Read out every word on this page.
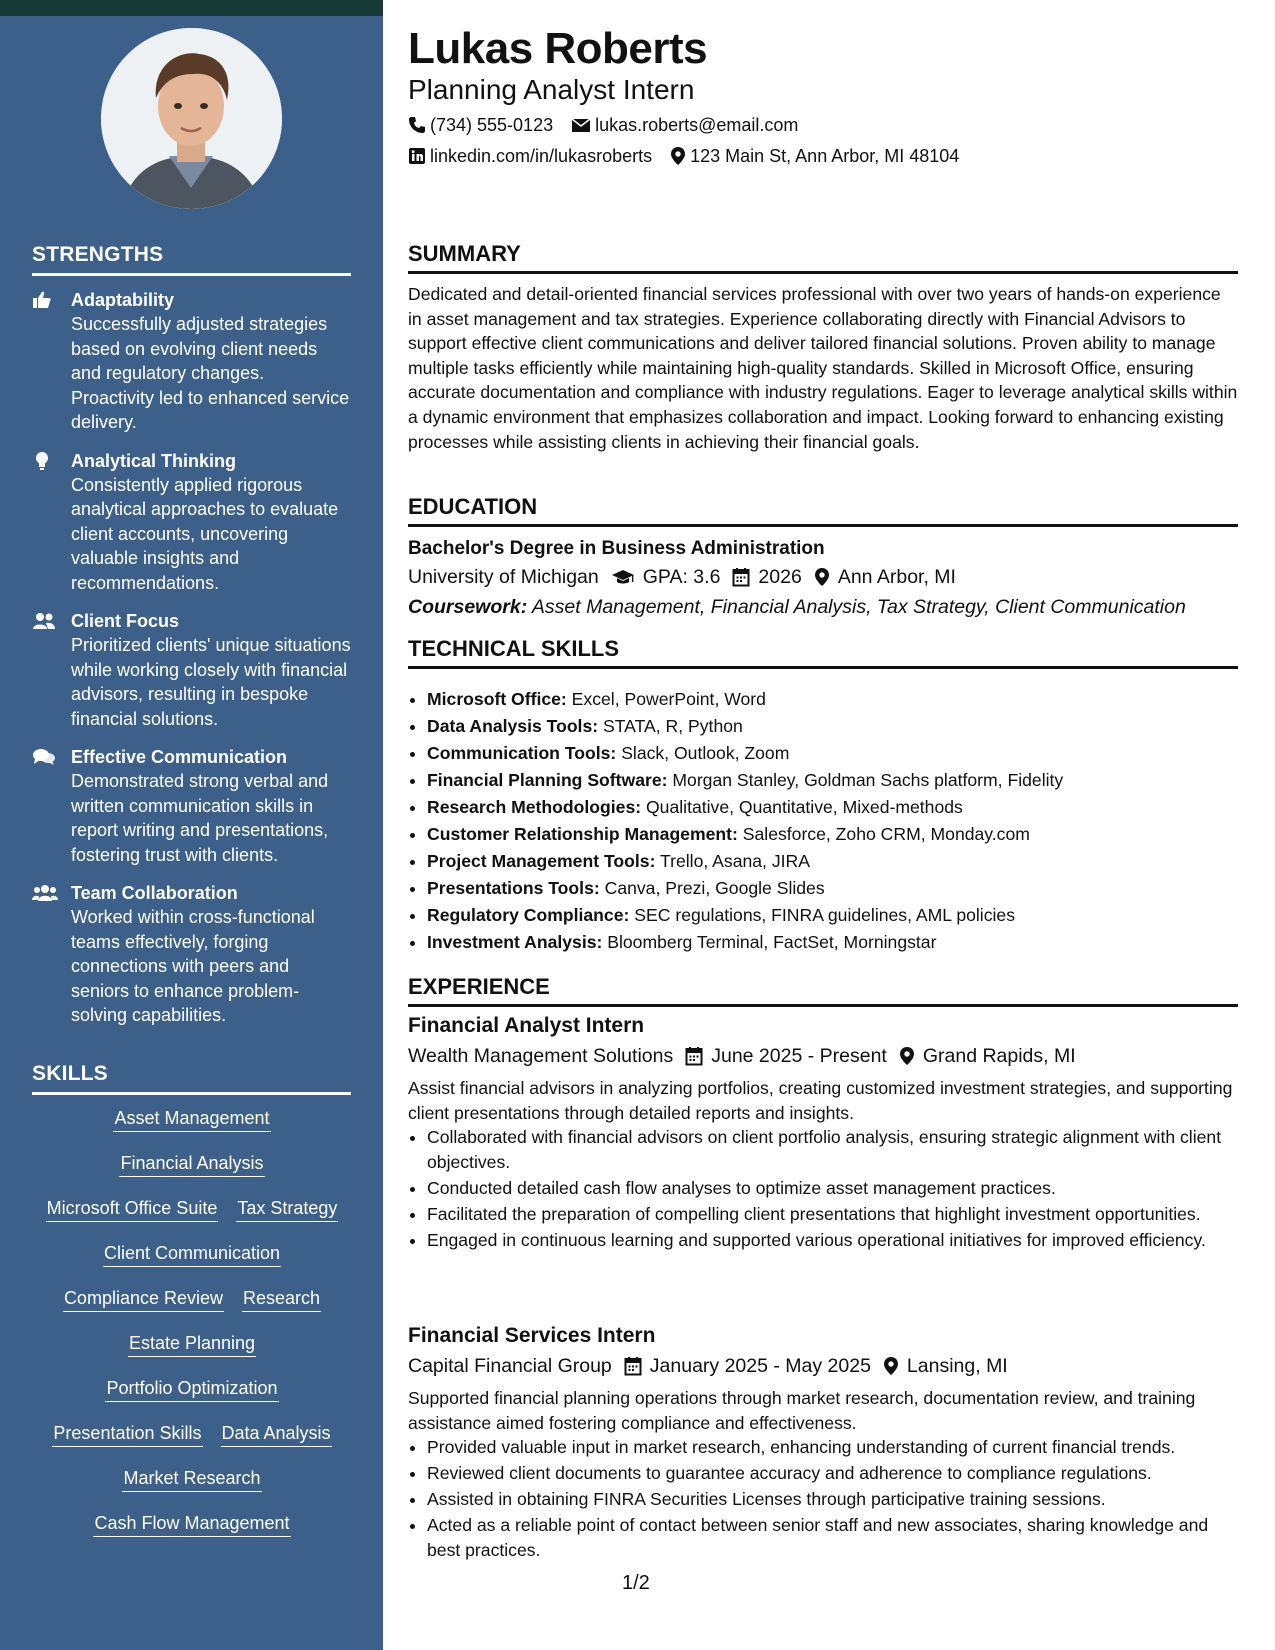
STRENGTHS
Adaptability
Successfully adjusted strategies based on evolving client needs and regulatory changes. Proactivity led to enhanced service delivery.
Analytical Thinking
Consistently applied rigorous analytical approaches to evaluate client accounts, uncovering valuable insights and recommendations.
Client Focus
Prioritized clients' unique situations while working closely with financial advisors, resulting in bespoke financial solutions.
Effective Communication
Demonstrated strong verbal and written communication skills in report writing and presentations, fostering trust with clients.
Team Collaboration
Worked within cross-functional teams effectively, forging connections with peers and seniors to enhance problem-solving capabilities.
SKILLS
Asset Management
Financial Analysis
Microsoft Office Suite Tax Strategy
Client Communication
Compliance Review Research
Estate Planning
Portfolio Optimization
Presentation Skills Data Analysis
Market Research
Cash Flow Management
Lukas Roberts
Planning Analyst Intern
(734) 555-0123 lukas.roberts@email.com
linkedin.com/in/lukasroberts 123 Main St, Ann Arbor, MI 48104
SUMMARY
Dedicated and detail-oriented financial services professional with over two years of hands-on experience in asset management and tax strategies. Experience collaborating directly with Financial Advisors to support effective client communications and deliver tailored financial solutions. Proven ability to manage multiple tasks efficiently while maintaining high-quality standards. Skilled in Microsoft Office, ensuring accurate documentation and compliance with industry regulations. Eager to leverage analytical skills within a dynamic environment that emphasizes collaboration and impact. Looking forward to enhancing existing processes while assisting clients in achieving their financial goals.
EDUCATION
Bachelor's Degree in Business Administration
University of Michigan GPA: 3.6 2026 Ann Arbor, MI
Coursework: Asset Management, Financial Analysis, Tax Strategy, Client Communication
TECHNICAL SKILLS
• Microsoft Office: Excel, PowerPoint, Word
• Data Analysis Tools: STATA, R, Python
• Communication Tools: Slack, Outlook, Zoom
• Financial Planning Software: Morgan Stanley, Goldman Sachs platform, Fidelity
• Research Methodologies: Qualitative, Quantitative, Mixed-methods
• Customer Relationship Management: Salesforce, Zoho CRM, Monday.com
• Project Management Tools: Trello, Asana, JIRA
• Presentations Tools: Canva, Prezi, Google Slides
• Regulatory Compliance: SEC regulations, FINRA guidelines, AML policies
• Investment Analysis: Bloomberg Terminal, FactSet, Morningstar
EXPERIENCE
Financial Analyst Intern
Wealth Management Solutions June 2025 - Present Grand Rapids, MI
Assist financial advisors in analyzing portfolios, creating customized investment strategies, and supporting client presentations through detailed reports and insights.
• Collaborated with financial advisors on client portfolio analysis, ensuring strategic alignment with client objectives.
• Conducted detailed cash flow analyses to optimize asset management practices.
• Facilitated the preparation of compelling client presentations that highlight investment opportunities.
• Engaged in continuous learning and supported various operational initiatives for improved efficiency.
Financial Services Intern
Capital Financial Group January 2025 - May 2025 Lansing, MI
Supported financial planning operations through market research, documentation review, and training assistance aimed fostering compliance and effectiveness.
• Provided valuable input in market research, enhancing understanding of current financial trends.
• Reviewed client documents to guarantee accuracy and adherence to compliance regulations.
• Assisted in obtaining FINRA Securities Licenses through participative training sessions.
• Acted as a reliable point of contact between senior staff and new associates, sharing knowledge and best practices.
1/2
